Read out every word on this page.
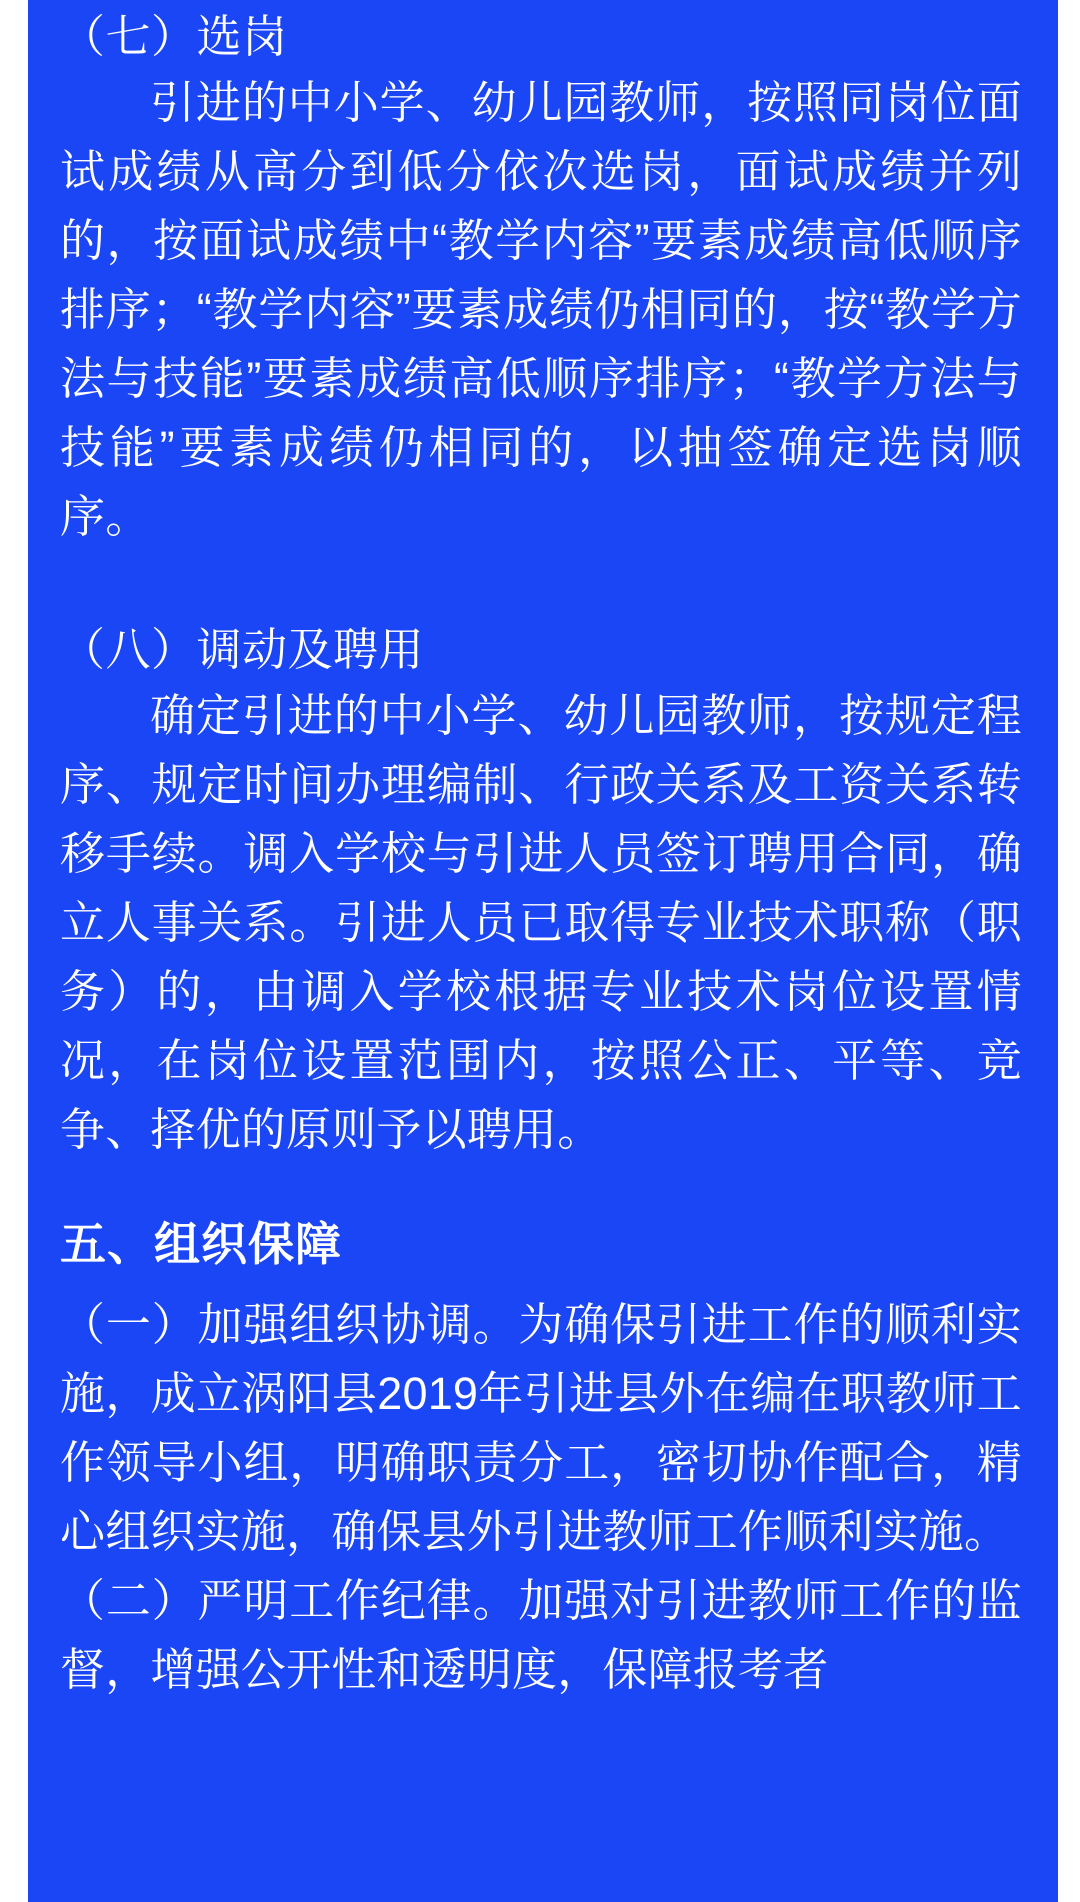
（七）选岗

引进的中小学、幼儿园教师，按照同岗位面试成绩从高分到低分依次选岗，面试成绩并列的，按面试成绩中“教学内容”要素成绩高低顺序排序；“教学内容”要素成绩仍相同的，按“教学方法与技能”要素成绩高低顺序排序；“教学方法与技能”要素成绩仍相同的，以抽签确定选岗顺序。

（八）调动及聘用

确定引进的中小学、幼儿园教师，按规定程序、规定时间办理编制、行政关系及工资关系转移手续。调入学校与引进人员签订聘用合同，确立人事关系。引进人员已取得专业技术职称（职务）的，由调入学校根据专业技术岗位设置情况，在岗位设置范围内，按照公正、平等、竞争、择优的原则予以聘用。

五、组织保障

（一）加强组织协调。为确保引进工作的顺利实施，成立涡阳县2019年引进县外在编在职教师工作领导小组，明确职责分工，密切协作配合，精心组织实施，确保县外引进教师工作顺利实施。

（二）严明工作纪律。加强对引进教师工作的监督，增强公开性和透明度，保障报考者
